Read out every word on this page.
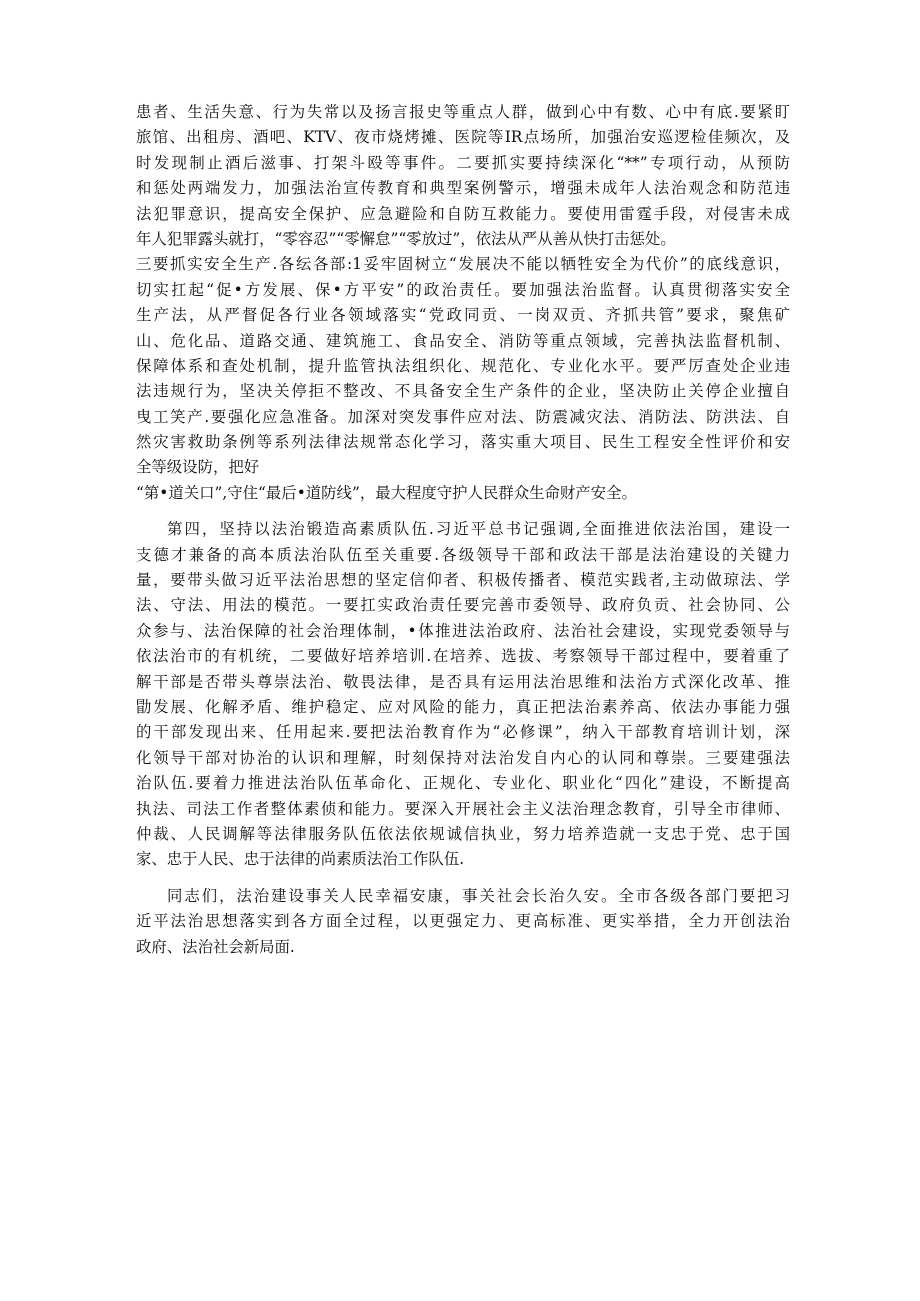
患者、生活失意、行为失常以及扬言报史等重点人群，做到心中有数、心中有底.要紧盯
旅馆、出租房、酒吧、KTV、夜市烧烤摊、医院等IR点场所，加强治安巡逻检佳频次，及
时发现制止酒后滋事、打架斗殴等事件。二要抓实要持续深化“**”专项行动，从预防
和惩处两端发力，加强法治宣传教育和典型案例警示，增强未成年人法治观念和防范违
法犯罪意识，提高安全保护、应急避险和自防互救能力。要使用雷霆手段，对侵害未成
年人犯罪露头就打，“零容忍”“零懈怠”“零放过”，依法从严从善从快打击惩处。
三要抓实安全生产.各纭各部:1妥牢固树立“发展决不能以牺牲安全为代价”的底线意识，
切实扛起“促•方发展、保•方平安”的政治责任。要加强法治监督。认真贯彻落实安全
生产法，从严督促各行业各领域落实“党政同贡、一岗双贡、齐抓共管”要求，聚焦矿
山、危化品、道路交通、建筑施工、食品安全、消防等重点领域，完善执法监督机制、
保障体系和查处机制，提升监管执法组织化、规范化、专业化水平。要严厉查处企业违
法违规行为，坚决关停拒不整改、不具备安全生产条件的企业，坚决防止关停企业擅自
曳工笑产.要强化应急准备。加深对突发事件应对法、防震减灾法、消防法、防洪法、自
然灾害救助条例等系列法律法规常态化学习，落实重大项目、民生工程安全性评价和安
全等级设防，把好
“第•道关口”,守住“最后•道防线”，最大程度守护人民群众生命财产安全。
第四，坚持以法治锻造高素质队伍.习近平总书记强调,全面推进依法治国，建设一
支德才兼备的高本质法治队伍至关重要.各级领导干部和政法干部是法治建设的关键力
量，要带头做习近平法治思想的坚定信仰者、积极传播者、模范实践者,主动做琼法、学
法、守法、用法的模范。一要扛实政治责任要完善市委领导、政府负贡、社会协同、公
众参与、法治保障的社会治理体制，•体推进法治政府、法治社会建设，实现党委领导与
依法治市的有机统，二要做好培养培训.在培养、选拔、考察领导干部过程中，要着重了
解干部是否带头尊崇法治、敬畏法律，是否具有运用法治思维和法治方式深化改革、推
勖发展、化解矛盾、维护稳定、应对风险的能力，真正把法治素养高、依法办事能力强
的干部发现出来、任用起来.要把法治教育作为“必修课”，纳入干部教育培训计划，深
化领导干部对协治的认识和理解，时刻保持对法治发自内心的认同和尊崇。三要建强法
治队伍.要着力推进法治队伍革命化、正规化、专业化、职业化“四化”建设，不断提高
执法、司法工作者整体素侦和能力。要深入开展社会主义法治理念教育，引导全市律师、
仲裁、人民调解等法律服务队伍依法依规诚信执业，努力培养造就一支忠于党、忠于国
家、忠于人民、忠于法律的尚素质法治工作队伍.
同志们，法治建设事关人民幸福安康，事关社会长治久安。全市各级各部门要把习
近平法治思想落实到各方面全过程，以更强定力、更高标准、更实举措，全力开创法治
政府、法治社会新局面.
